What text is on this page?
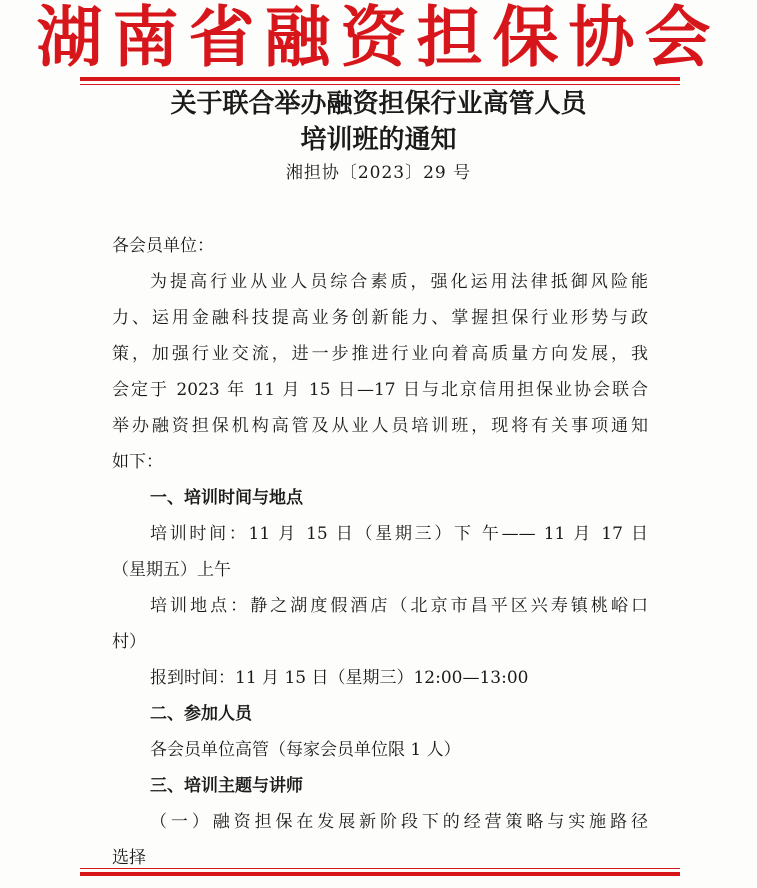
湖南省融资担保协会
关于联合举办融资担保行业高管人员
培训班的通知
湘担协〔2023〕29 号
各会员单位：
为提高行业从业人员综合素质，强化运用法律抵御风险能
力、运用金融科技提高业务创新能力、掌握担保行业形势与政
策，加强行业交流，进一步推进行业向着高质量方向发展，我
会定于 2023 年 11 月 15 日—17 日与北京信用担保业协会联合
举办融资担保机构高管及从业人员培训班，现将有关事项通知
如下：
一、培训时间与地点
培训时间：11 月 15 日（星期三）下 午—— 11 月 17 日
（星期五）上午
培训地点：静之湖度假酒店（北京市昌平区兴寿镇桃峪口
村）
报到时间：11 月 15 日（星期三）12:00—13:00
二、参加人员
各会员单位高管（每家会员单位限 1 人）
三、培训主题与讲师
（一）融资担保在发展新阶段下的经营策略与实施路径
选择
